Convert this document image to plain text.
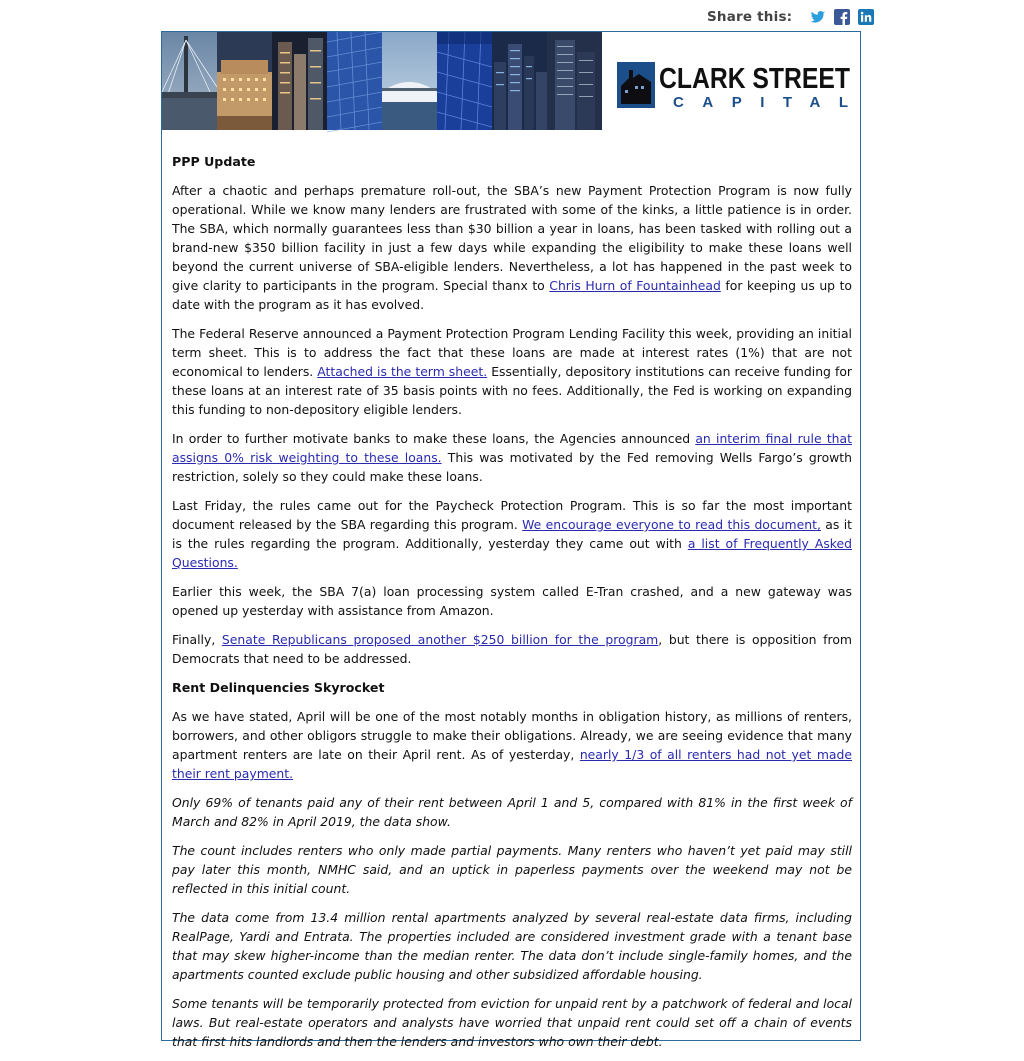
Share this:
CLARK STREET
CAPITAL
PPP Update

After a chaotic and perhaps premature roll-out, the SBA’s new Payment Protection Program is now fully operational. While we know many lenders are frustrated with some of the kinks, a little patience is in order. The SBA, which normally guarantees less than $30 billion a year in loans, has been tasked with rolling out a brand-new $350 billion facility in just a few days while expanding the eligibility to make these loans well beyond the current universe of SBA-eligible lenders. Nevertheless, a lot has happened in the past week to give clarity to participants in the program. Special thanx to Chris Hurn of Fountainhead for keeping us up to date with the program as it has evolved.

The Federal Reserve announced a Payment Protection Program Lending Facility this week, providing an initial term sheet. This is to address the fact that these loans are made at interest rates (1%) that are not economical to lenders. Attached is the term sheet. Essentially, depository institutions can receive funding for these loans at an interest rate of 35 basis points with no fees. Additionally, the Fed is working on expanding this funding to non-depository eligible lenders.

In order to further motivate banks to make these loans, the Agencies announced an interim final rule that assigns 0% risk weighting to these loans. This was motivated by the Fed removing Wells Fargo’s growth restriction, solely so they could make these loans.

Last Friday, the rules came out for the Paycheck Protection Program. This is so far the most important document released by the SBA regarding this program. We encourage everyone to read this document, as it is the rules regarding the program. Additionally, yesterday they came out with a list of Frequently Asked Questions.

Earlier this week, the SBA 7(a) loan processing system called E-Tran crashed, and a new gateway was opened up yesterday with assistance from Amazon.

Finally, Senate Republicans proposed another $250 billion for the program, but there is opposition from Democrats that need to be addressed.

Rent Delinquencies Skyrocket

As we have stated, April will be one of the most notably months in obligation history, as millions of renters, borrowers, and other obligors struggle to make their obligations. Already, we are seeing evidence that many apartment renters are late on their April rent. As of yesterday, nearly 1/3 of all renters had not yet made their rent payment.

Only 69% of tenants paid any of their rent between April 1 and 5, compared with 81% in the first week of March and 82% in April 2019, the data show.

The count includes renters who only made partial payments. Many renters who haven’t yet paid may still pay later this month, NMHC said, and an uptick in paperless payments over the weekend may not be reflected in this initial count.

The data come from 13.4 million rental apartments analyzed by several real-estate data firms, including RealPage, Yardi and Entrata. The properties included are considered investment grade with a tenant base that may skew higher-income than the median renter. The data don’t include single-family homes, and the apartments counted exclude public housing and other subsidized affordable housing.

Some tenants will be temporarily protected from eviction for unpaid rent by a patchwork of federal and local laws. But real-estate operators and analysts have worried that unpaid rent could set off a chain of events that first hits landlords and then the lenders and investors who own their debt.
